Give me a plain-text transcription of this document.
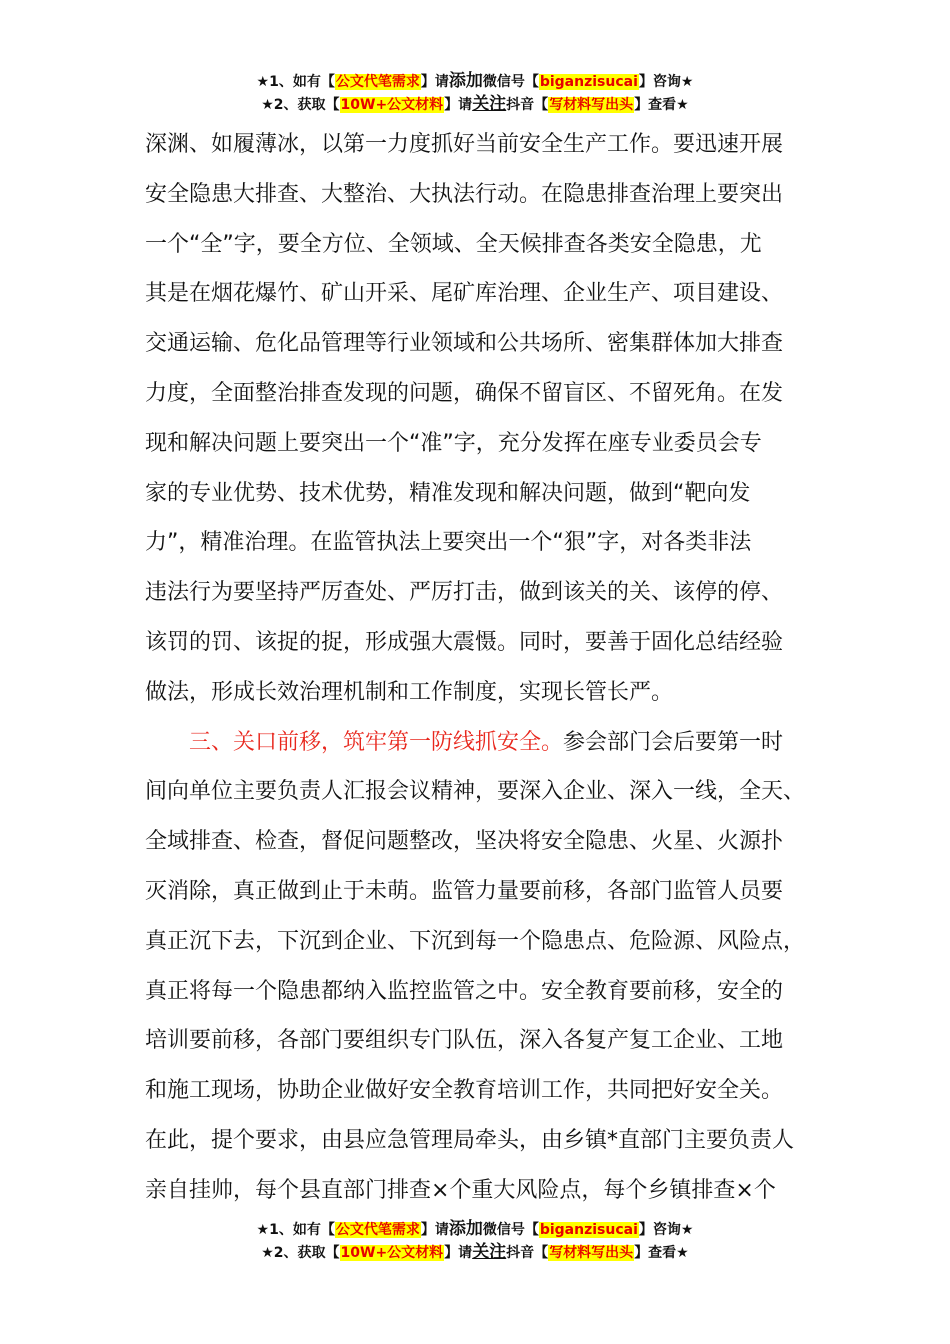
★1、如有【公文代笔需求】请添加微信号【biganzisucai】咨询★
★2、获取【10W+公文材料】请关注抖音【写材料写出头】查看★
深渊、如履薄冰，以第一力度抓好当前安全生产工作。要迅速开展
安全隐患大排查、大整治、大执法行动。在隐患排查治理上要突出
一个“全”字，要全方位、全领域、全天候排查各类安全隐患，尤
其是在烟花爆竹、矿山开采、尾矿库治理、企业生产、项目建设、
交通运输、危化品管理等行业领域和公共场所、密集群体加大排查
力度，全面整治排查发现的问题，确保不留盲区、不留死角。在发
现和解决问题上要突出一个“准”字，充分发挥在座专业委员会专
家的专业优势、技术优势，精准发现和解决问题，做到“靶向发
力”，精准治理。在监管执法上要突出一个“狠”字，对各类非法
违法行为要坚持严厉查处、严厉打击，做到该关的关、该停的停、
该罚的罚、该捉的捉，形成强大震慑。同时，要善于固化总结经验
做法，形成长效治理机制和工作制度，实现长管长严。
三、关口前移，筑牢第一防线抓安全。参会部门会后要第一时
间向单位主要负责人汇报会议精神，要深入企业、深入一线，全天、
全域排查、检查，督促问题整改，坚决将安全隐患、火星、火源扑
灭消除，真正做到止于未萌。监管力量要前移，各部门监管人员要
真正沉下去，下沉到企业、下沉到每一个隐患点、危险源、风险点，
真正将每一个隐患都纳入监控监管之中。安全教育要前移，安全的
培训要前移，各部门要组织专门队伍，深入各复产复工企业、工地
和施工现场，协助企业做好安全教育培训工作，共同把好安全关。
在此，提个要求，由县应急管理局牵头，由乡镇*直部门主要负责人
亲自挂帅，每个县直部门排查×个重大风险点，每个乡镇排查×个
★1、如有【公文代笔需求】请添加微信号【biganzisucai】咨询★
★2、获取【10W+公文材料】请关注抖音【写材料写出头】查看★
